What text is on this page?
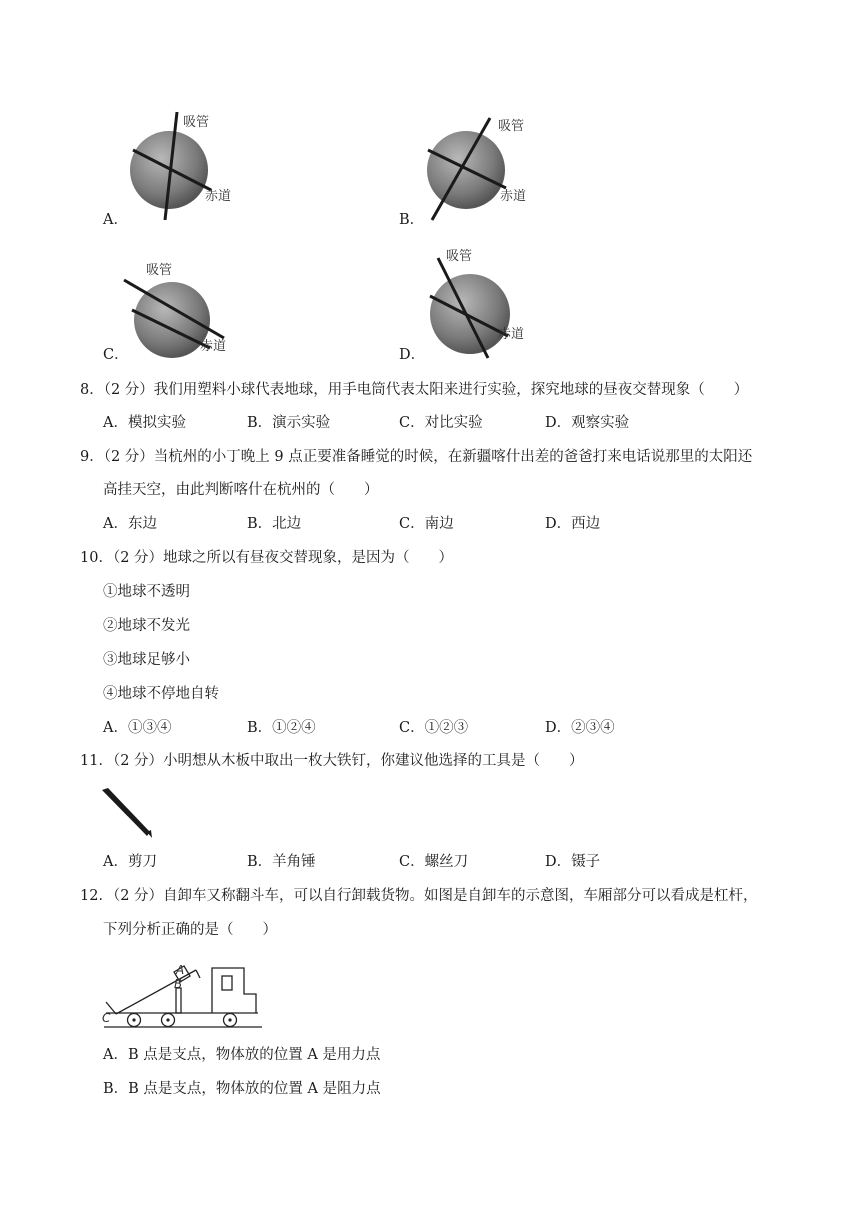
吸管
赤道
A．
吸管
赤道
B．
吸管
赤道
C．
吸管
赤道
D．
8．（2 分）我们用塑料小球代表地球，用手电筒代表太阳来进行实验，探究地球的昼夜交替现象（　　）
A．模拟实验	B．演示实验	C．对比实验	D．观察实验
9．（2 分）当杭州的小丁晚上 9 点正要准备睡觉的时候，在新疆喀什出差的爸爸打来电话说那里的太阳还
高挂天空，由此判断喀什在杭州的（　　）
A．东边	B．北边	C．南边	D．西边
10．（2 分）地球之所以有昼夜交替现象，是因为（　　）
①地球不透明
②地球不发光
③地球足够小
④地球不停地自转
A．①③④	B．①②④	C．①②③	D．②③④
11．（2 分）小明想从木板中取出一枚大铁钉，你建议他选择的工具是（　　）
A．剪刀	B．羊角锤	C．螺丝刀	D．镊子
12．（2 分）自卸车又称翻斗车，可以自行卸载货物。如图是自卸车的示意图，车厢部分可以看成是杠杆，
下列分析正确的是（　　）
A
B
C
A．B 点是支点，物体放的位置 A 是用力点
B．B 点是支点，物体放的位置 A 是阻力点
